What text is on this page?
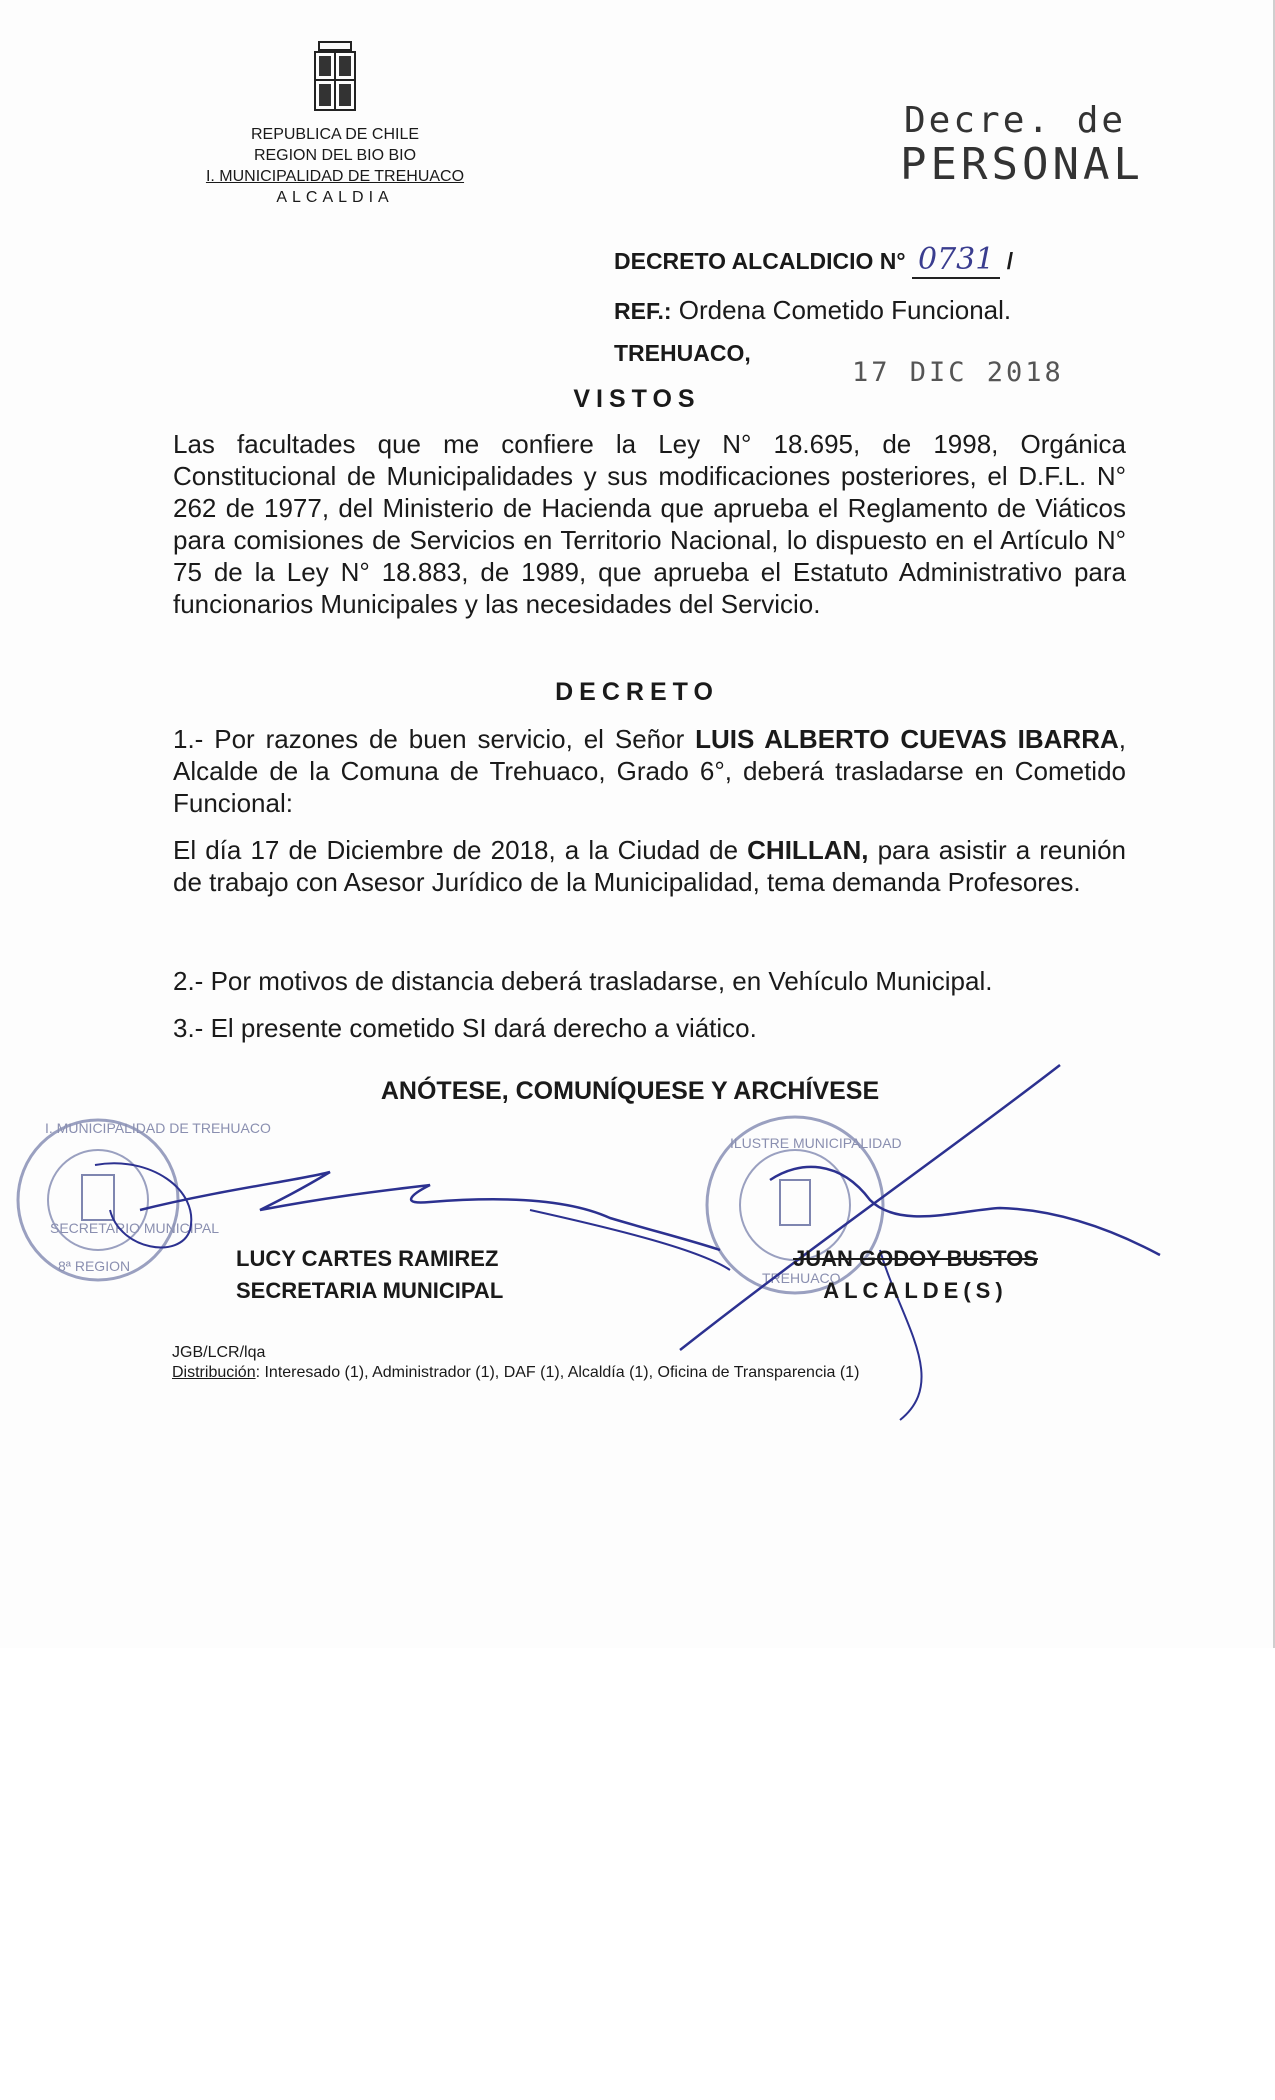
REPUBLICA DE CHILE
REGION DEL BIO BIO
I. MUNICIPALIDAD DE TREHUACO
ALCALDIA
Decre. de
PERSONAL
DECRETO ALCALDICIO N° 0731 /
REF.: Ordena Cometido Funcional.
TREHUACO,
17 DIC 2018
VISTOS
Las facultades que me confiere la Ley N° 18.695, de 1998, Orgánica Constitucional de Municipalidades y sus modificaciones posteriores, el D.F.L. N° 262 de 1977, del Ministerio de Hacienda que aprueba el Reglamento de Viáticos para comisiones de Servicios en Territorio Nacional, lo dispuesto en el Artículo N° 75 de la Ley N° 18.883, de 1989, que aprueba el Estatuto Administrativo para funcionarios Municipales y las necesidades del Servicio.
DECRETO
1.- Por razones de buen servicio, el Señor LUIS ALBERTO CUEVAS IBARRA, Alcalde de la Comuna de Trehuaco, Grado 6°, deberá trasladarse en Cometido Funcional:
El día 17 de Diciembre de 2018, a la Ciudad de CHILLAN, para asistir a reunión de trabajo con Asesor Jurídico de la Municipalidad, tema demanda Profesores.
2.- Por motivos de distancia deberá trasladarse, en Vehículo Municipal.
3.- El presente cometido SI dará derecho a viático.
ANÓTESE, COMUNÍQUESE Y ARCHÍVESE
I. MUNICIPALIDAD DE TREHUACO
SECRETARIO MUNICIPAL
8ª REGION
ILUSTRE MUNICIPALIDAD
TREHUACO
LUCY CARTES RAMIREZ
SECRETARIA MUNICIPAL
JUAN GODOY BUSTOS
ALCALDE(S)
JGB/LCR/lqa
Distribución: Interesado (1), Administrador (1), DAF (1), Alcaldía (1), Oficina de Transparencia (1)
